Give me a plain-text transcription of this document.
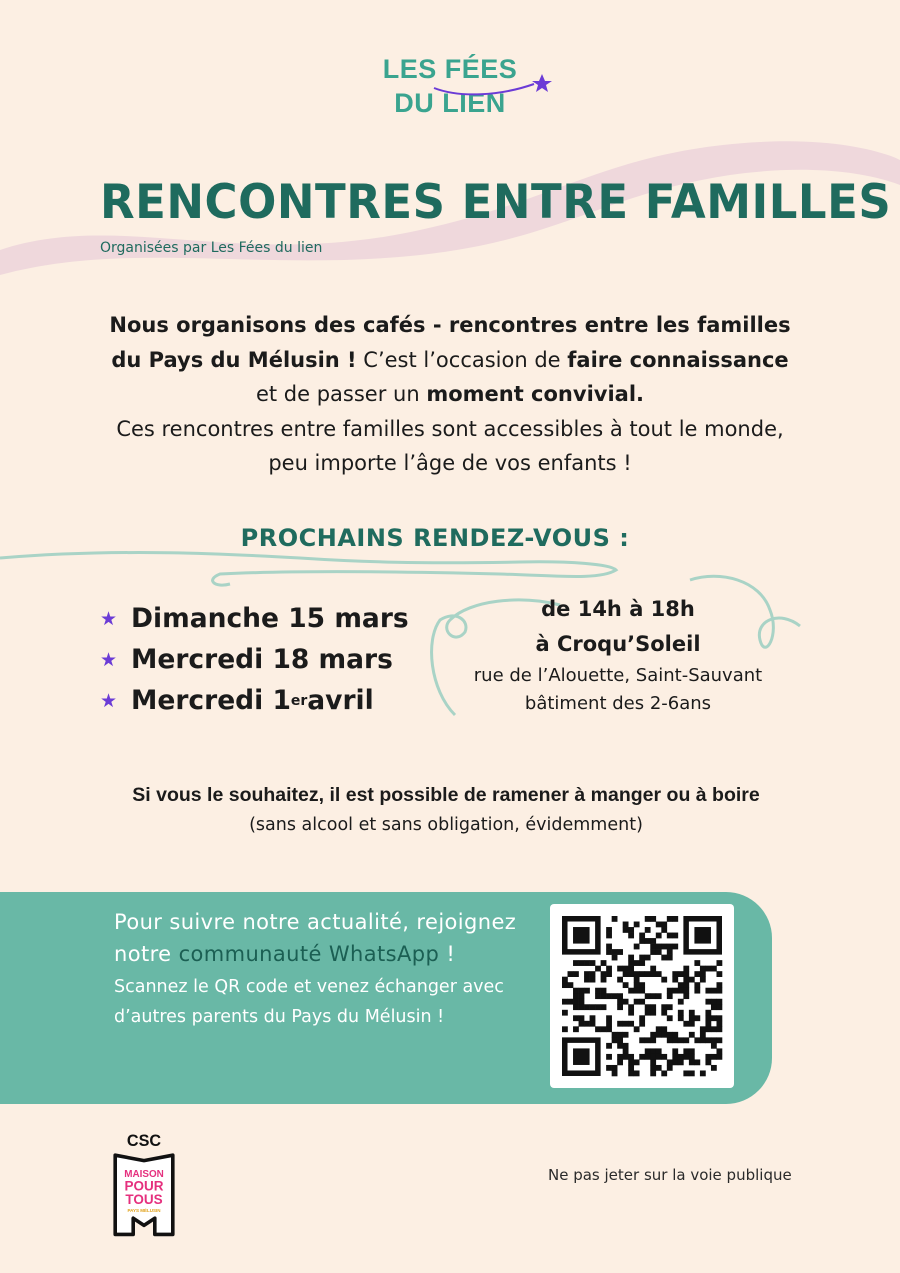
LES FÉES
DU LIEN
RENCONTRES ENTRE FAMILLES
Organisées par Les Fées du lien
Nous organisons des cafés - rencontres entre les familles du Pays du Mélusin ! C’est l’occasion de faire connaissance et de passer un moment convivial.
Ces rencontres entre familles sont accessibles à tout le monde, peu importe l’âge de vos enfants !
PROCHAINS RENDEZ-VOUS :
★ Dimanche 15 mars
★ Mercredi 18 mars
★ Mercredi 1 er avril
de 14h à 18h
à Croqu’Soleil
rue de l’Alouette, Saint-Sauvant
bâtiment des 2-6ans
Si vous le souhaitez, il est possible de ramener à manger ou à boire
(sans alcool et sans obligation, évidemment)
Pour suivre notre actualité, rejoignez notre communauté WhatsApp !
Scannez le QR code et venez échanger avec d’autres parents du Pays du Mélusin !
CSC
MAISON
POUR
TOUS
PAYS MÉLUSIN
Ne pas jeter sur la voie publique
